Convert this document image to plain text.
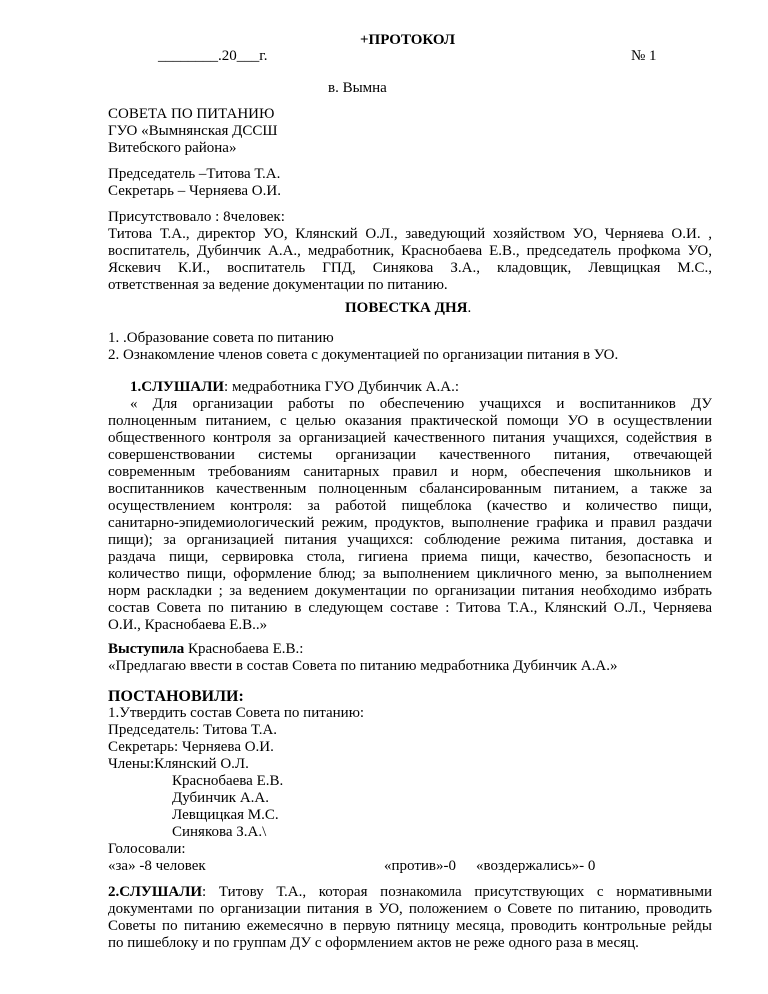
+ПРОТОКОЛ
________.20___г.	№ 1
в. Вымна
СОВЕТА ПО ПИТАНИЮ
ГУО «Вымнянская ДССШ
Витебского района»
Председатель –Титова Т.А.
Секретарь – Черняева О.И.
Присутствовало : 8человек:
Титова Т.А., директор УО, Клянский О.Л., заведующий хозяйством УО, Черняева О.И. ,
воспитатель, Дубинчик А.А., медработник, Краснобаева Е.В., председатель профкома УО,
Яскевич К.И., воспитатель ГПД, Синякова З.А., кладовщик, Левщицкая М.С.,
ответственная за ведение документации по питанию.
ПОВЕСТКА ДНЯ.
1. .Образование совета по питанию
2. Ознакомление членов совета с документацией по организации питания в УО.
1.СЛУШАЛИ: медработника ГУО Дубинчик А.А.:
« Для организации работы по обеспечению учащихся и воспитанников ДУ
полноценным питанием, с целью оказания практической помощи УО в осуществлении
общественного контроля за организацией качественного питания учащихся, содействия в
совершенствовании системы организации качественного питания, отвечающей
современным требованиям санитарных правил и норм, обеспечения школьников и
воспитанников качественным полноценным сбалансированным питанием, а также за
осуществлением контроля: за работой пищеблока (качество и количество пищи,
санитарно-эпидемиологический режим, продуктов, выполнение графика и правил раздачи
пищи); за организацией питания учащихся: соблюдение режима питания, доставка и
раздача пищи, сервировка стола, гигиена приема пищи, качество, безопасность и
количество пищи, оформление блюд; за выполнением цикличного меню, за выполнением
норм раскладки ; за ведением документации по организации питания необходимо избрать
состав Совета по питанию в следующем составе : Титова Т.А., Клянский О.Л., Черняева
О.И., Краснобаева Е.В..»
Выступила Краснобаева Е.В.:
«Предлагаю ввести в состав Совета по питанию медработника Дубинчик А.А.»
ПОСТАНОВИЛИ:
1.Утвердить состав Совета по питанию:
Председатель: Титова Т.А.
Секретарь: Черняева О.И.
Члены:Клянский О.Л.
Краснобаева Е.В.
Дубинчик А.А.
Левщицкая М.С.
Синякова З.А.\
Голосовали:
«за» -8 человек	«против»-0 «воздержались»- 0
2.СЛУШАЛИ : Титову Т.А., которая познакомила присутствующих с нормативными
документами по организации питания в УО, положением о Совете по питанию, проводить
Советы по питанию ежемесячно в первую пятницу месяца, проводить контрольные рейды
по пишеблоку и по группам ДУ с оформлением актов не реже одного раза в месяц.
